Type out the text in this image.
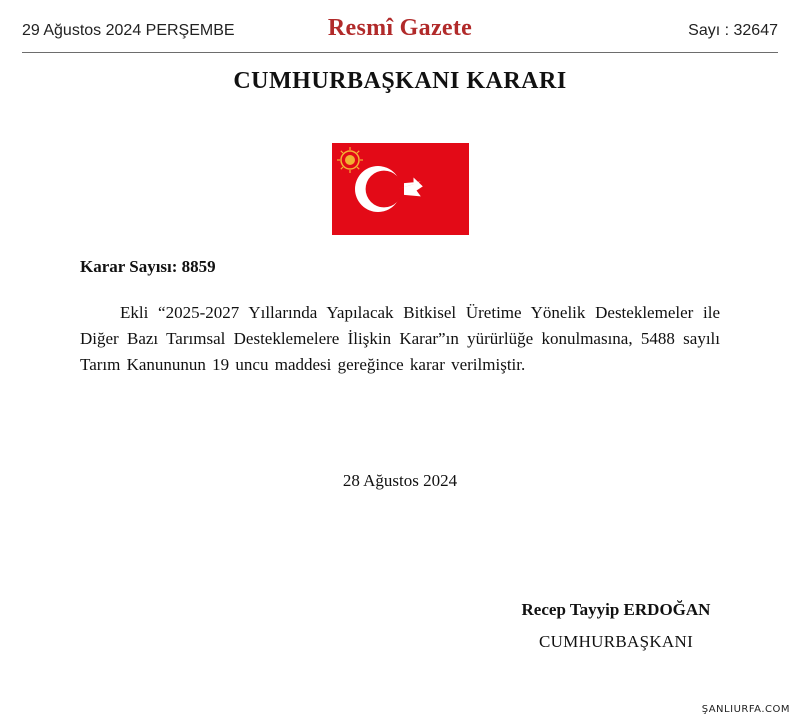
29 Ağustos 2024 PERŞEMBE	Resmî Gazete	Sayı : 32647
CUMHURBAŞKANI KARARI
Karar Sayısı: 8859
Ekli “2025-2027 Yıllarında Yapılacak Bitkisel Üretime Yönelik Desteklemeler ile Diğer Bazı Tarımsal Desteklemelere İlişkin Karar”ın yürürlüğe konulmasına, 5488 sayılı Tarım Kanununun 19 uncu maddesi gereğince karar verilmiştir.
28 Ağustos 2024
Recep Tayyip ERDOĞAN
CUMHURBAŞKANI
ŞANLIURFA.COM
